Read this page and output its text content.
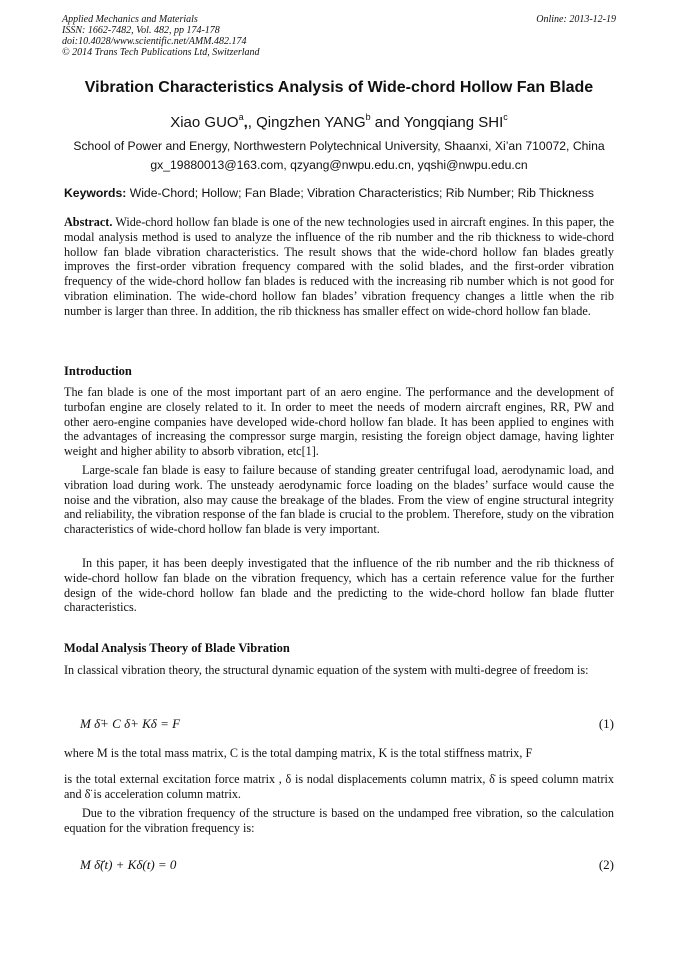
Applied Mechanics and Materials
ISSN: 1662-7482, Vol. 482, pp 174-178
doi:10.4028/www.scientific.net/AMM.482.174
© 2014 Trans Tech Publications Ltd, Switzerland
Online: 2013-12-19
Vibration Characteristics Analysis of Wide-chord Hollow Fan Blade
Xiao GUO$^a$,, Qingzhen YANG$^b$ and Yongqiang SHI$^c$
School of Power and Energy, Northwestern Polytechnical University, Shaanxi, Xi’an 710072, China
gx_19880013@163.com, qzyang@nwpu.edu.cn, yqshi@nwpu.edu.cn
Keywords: Wide-Chord; Hollow; Fan Blade; Vibration Characteristics; Rib Number; Rib Thickness

Abstract. Wide-chord hollow fan blade is one of the new technologies used in aircraft engines. In this paper, the modal analysis method is used to analyze the influence of the rib number and the rib thickness to wide-chord hollow fan blade vibration characteristics. The result shows that the wide-chord hollow fan blades greatly improves the first-order vibration frequency compared with the solid blades, and the first-order vibration frequency of the wide-chord hollow fan blades is reduced with the increasing rib number which is not good for vibration elimination. The wide-chord hollow fan blades’ vibration frequency changes a little when the rib number is larger than three. In addition, the rib thickness has smaller effect on wide-chord hollow fan blade.

Introduction

The fan blade is one of the most important part of an aero engine. The performance and the development of turbofan engine are closely related to it. In order to meet the needs of modern aircraft engines, RR, PW and other aero-engine companies have developed wide-chord hollow fan blade. It has been applied to engines with the advantages of increasing the compressor surge margin, resisting the foreign object damage, having lighter weight and higher ability to absorb vibration, etc[1].

Large-scale fan blade is easy to failure because of standing greater centrifugal load, aerodynamic load, and vibration load during work. The unsteady aerodynamic force loading on the blades’ surface would cause the noise and the vibration, also may cause the breakage of the blades. From the view of engine structural integrity and reliability, the vibration response of the fan blade is crucial to the problem. Therefore, study on the vibration characteristics of wide-chord hollow fan blade is very important.

In this paper, it has been deeply investigated that the influence of the rib number and the rib thickness of wide-chord hollow fan blade on the vibration frequency, which has a certain reference value for the further design of the wide-chord hollow fan blade and the predicting to the wide-chord hollow fan blade flutter characteristics.

Modal Analysis Theory of Blade Vibration

In classical vibration theory, the structural dynamic equation of the system with multi-degree of freedom is:

M δ̈+ C δ̇+ Kδ = F	(1)

where M is the total mass matrix, C is the total damping matrix, K is the total stiffness matrix, F

is the total external excitation force matrix , δ is nodal displacements column matrix, δ̇ is speed column matrix and δ̈ is acceleration column matrix.

Due to the vibration frequency of the structure is based on the undamped free vibration, so the calculation equation for the vibration frequency is:

M δ̈(t) + Kδ(t) = 0	(2)
